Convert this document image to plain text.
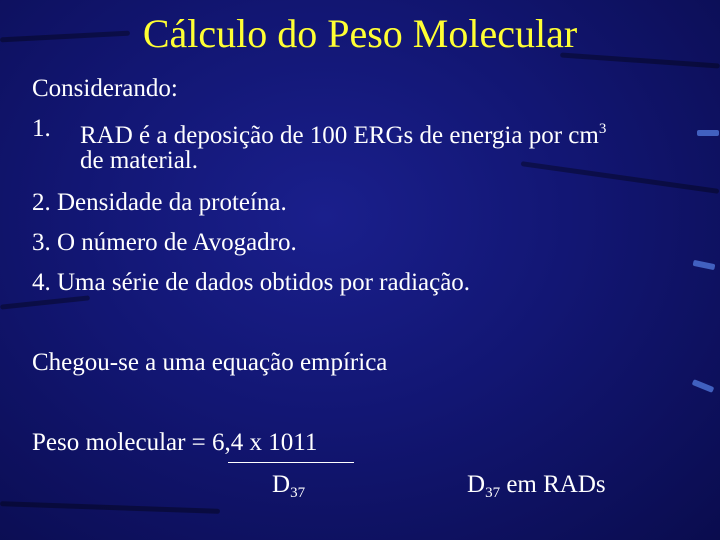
Cálculo do Peso Molecular
Considerando:
1. RAD é a deposição de 100 ERGs de energia por $cm^3$
de material.
2. Densidade da proteína.
3. O número de Avogadro.
4. Uma série de dados obtidos por radiação.
Chegou-se a uma equação empírica
Peso molecular = 6,4 x 1011
$D_{37}$	$D_{37}$ em RADs
